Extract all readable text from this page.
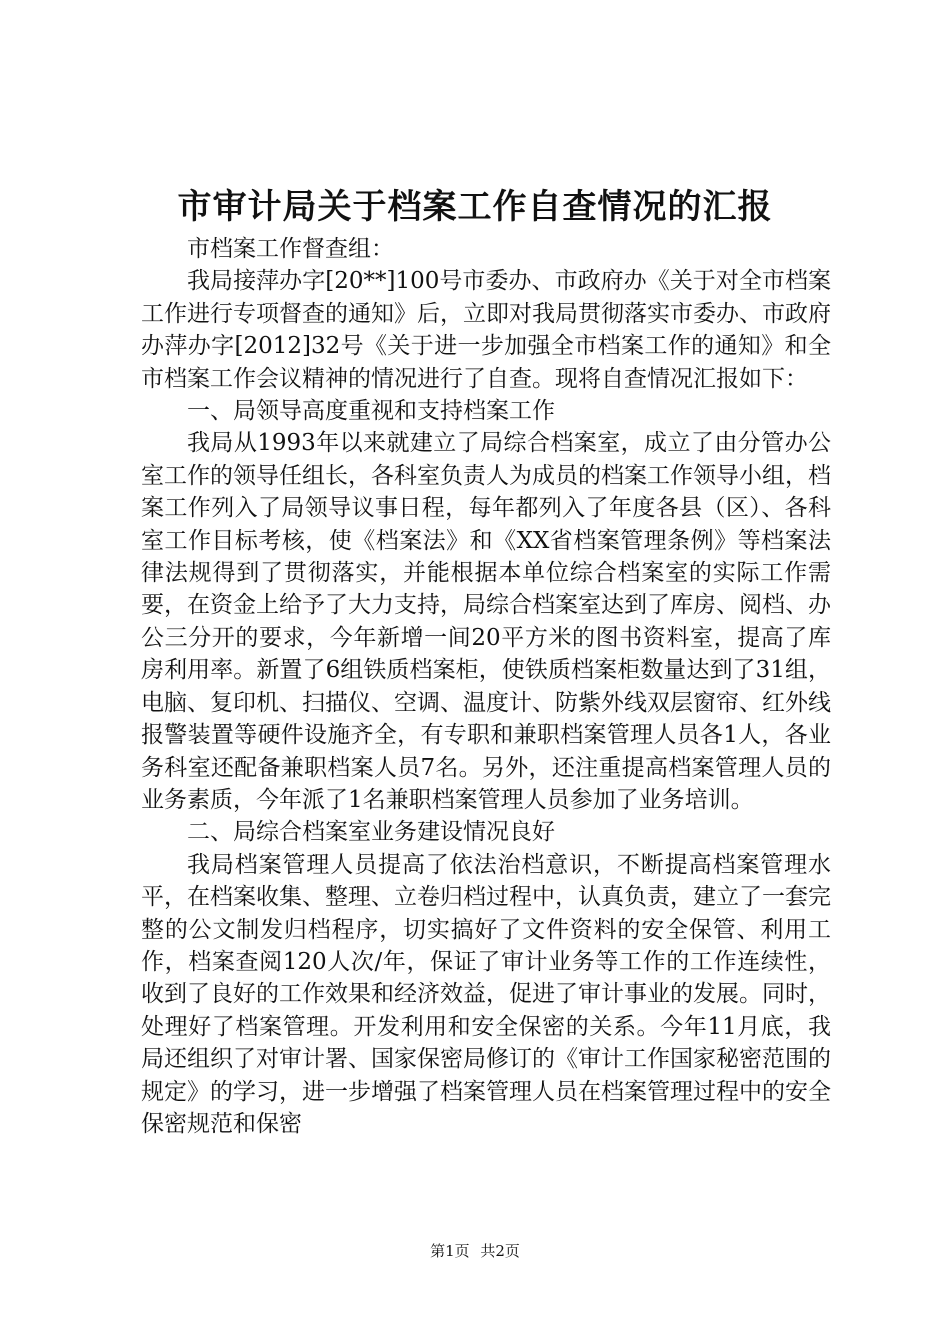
市审计局关于档案工作自查情况的汇报

市档案工作督查组：

我局接萍办字[20**]100号市委办、市政府办《关于对全市档案工作进行专项督查的通知》后，立即对我局贯彻落实市委办、市政府办萍办字[2012]32号《关于进一步加强全市档案工作的通知》和全市档案工作会议精神的情况进行了自查。现将自查情况汇报如下：

一、局领导高度重视和支持档案工作

我局从1993年以来就建立了局综合档案室，成立了由分管办公室工作的领导任组长，各科室负责人为成员的档案工作领导小组，档案工作列入了局领导议事日程，每年都列入了年度各县（区）、各科室工作目标考核，使《档案法》和《XX省档案管理条例》等档案法律法规得到了贯彻落实，并能根据本单位综合档案室的实际工作需要，在资金上给予了大力支持，局综合档案室达到了库房、阅档、办公三分开的要求，今年新增一间20平方米的图书资料室，提高了库房利用率。新置了6组铁质档案柜，使铁质档案柜数量达到了31组，电脑、复印机、扫描仪、空调、温度计、防紫外线双层窗帘、红外线报警装置等硬件设施齐全，有专职和兼职档案管理人员各1人，各业务科室还配备兼职档案人员7名。另外，还注重提高档案管理人员的业务素质，今年派了1名兼职档案管理人员参加了业务培训。

二、局综合档案室业务建设情况良好

我局档案管理人员提高了依法治档意识，不断提高档案管理水平，在档案收集、整理、立卷归档过程中，认真负责，建立了一套完整的公文制发归档程序，切实搞好了文件资料的安全保管、利用工作，档案查阅120人次/年，保证了审计业务等工作的工作连续性，收到了良好的工作效果和经济效益，促进了审计事业的发展。同时，处理好了档案管理。开发利用和安全保密的关系。今年11月底，我局还组织了对审计署、国家保密局修订的《审计工作国家秘密范围的规定》的学习，进一步增强了档案管理人员在档案管理过程中的安全保密规范和保密

第1页 共2页
